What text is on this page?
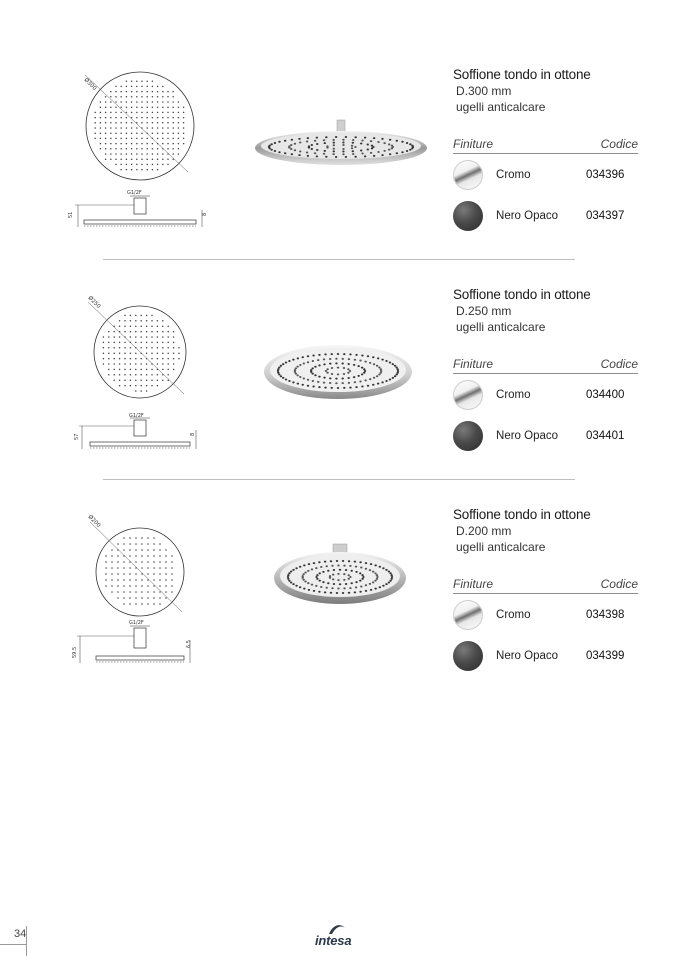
Ø300
G1/2F
51	8

Soffione tondo in ottone

D.300 mm

ugelli anticalcare

Finiture	Codice
Cromo	034396
Nero Opaco	034397
Ø250
G1/2F
57	8

Soffione tondo in ottone

D.250 mm

ugelli anticalcare

Finiture	Codice
Cromo	034400
Nero Opaco	034401
Ø200
G1/2F
59.5
6.5

Soffione tondo in ottone

D.200 mm

ugelli anticalcare

Finiture	Codice
Cromo	034398
Nero Opaco	034399
34	intesa
